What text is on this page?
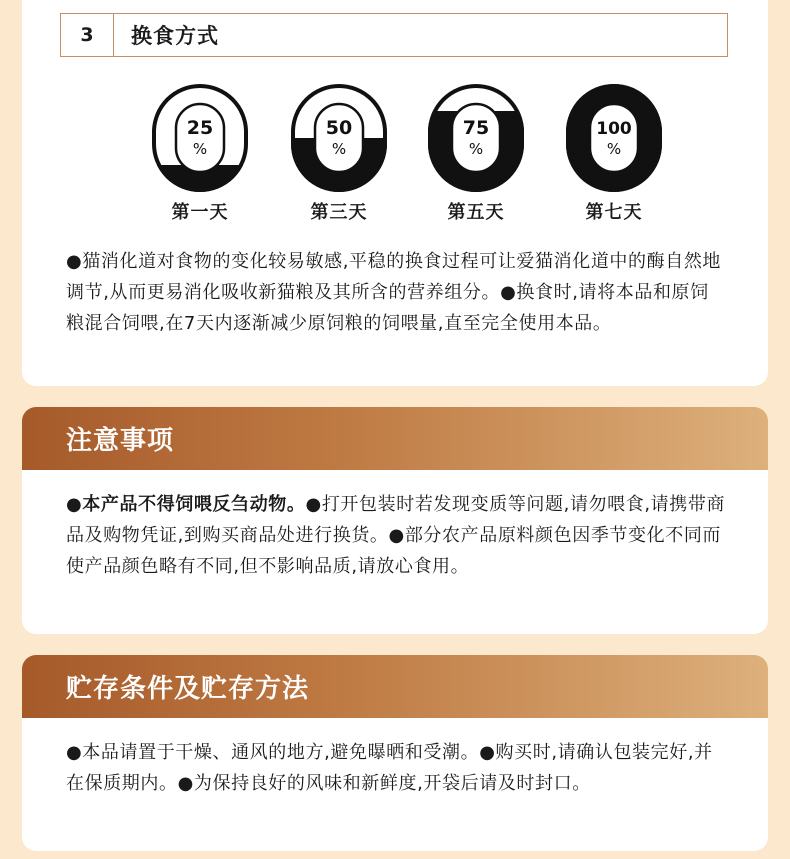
3	换食方式
25
%
第一天
50
%
第三天
75
%
第五天
100
%
第七天
●猫消化道对食物的变化较易敏感,平稳的换食过程可让爱猫消化道中的酶自然地调节,从而更易消化吸收新猫粮及其所含的营养组分。●换食时,请将本品和原饲粮混合饲喂,在7天内逐渐减少原饲粮的饲喂量,直至完全使用本品。
注意事项
●本产品不得饲喂反刍动物。●打开包装时若发现变质等问题,请勿喂食,请携带商品及购物凭证,到购买商品处进行换货。●部分农产品原料颜色因季节变化不同而使产品颜色略有不同,但不影响品质,请放心食用。
贮存条件及贮存方法
●本品请置于干燥、通风的地方,避免曝晒和受潮。●购买时,请确认包装完好,并在保质期内。●为保持良好的风味和新鲜度,开袋后请及时封口。
